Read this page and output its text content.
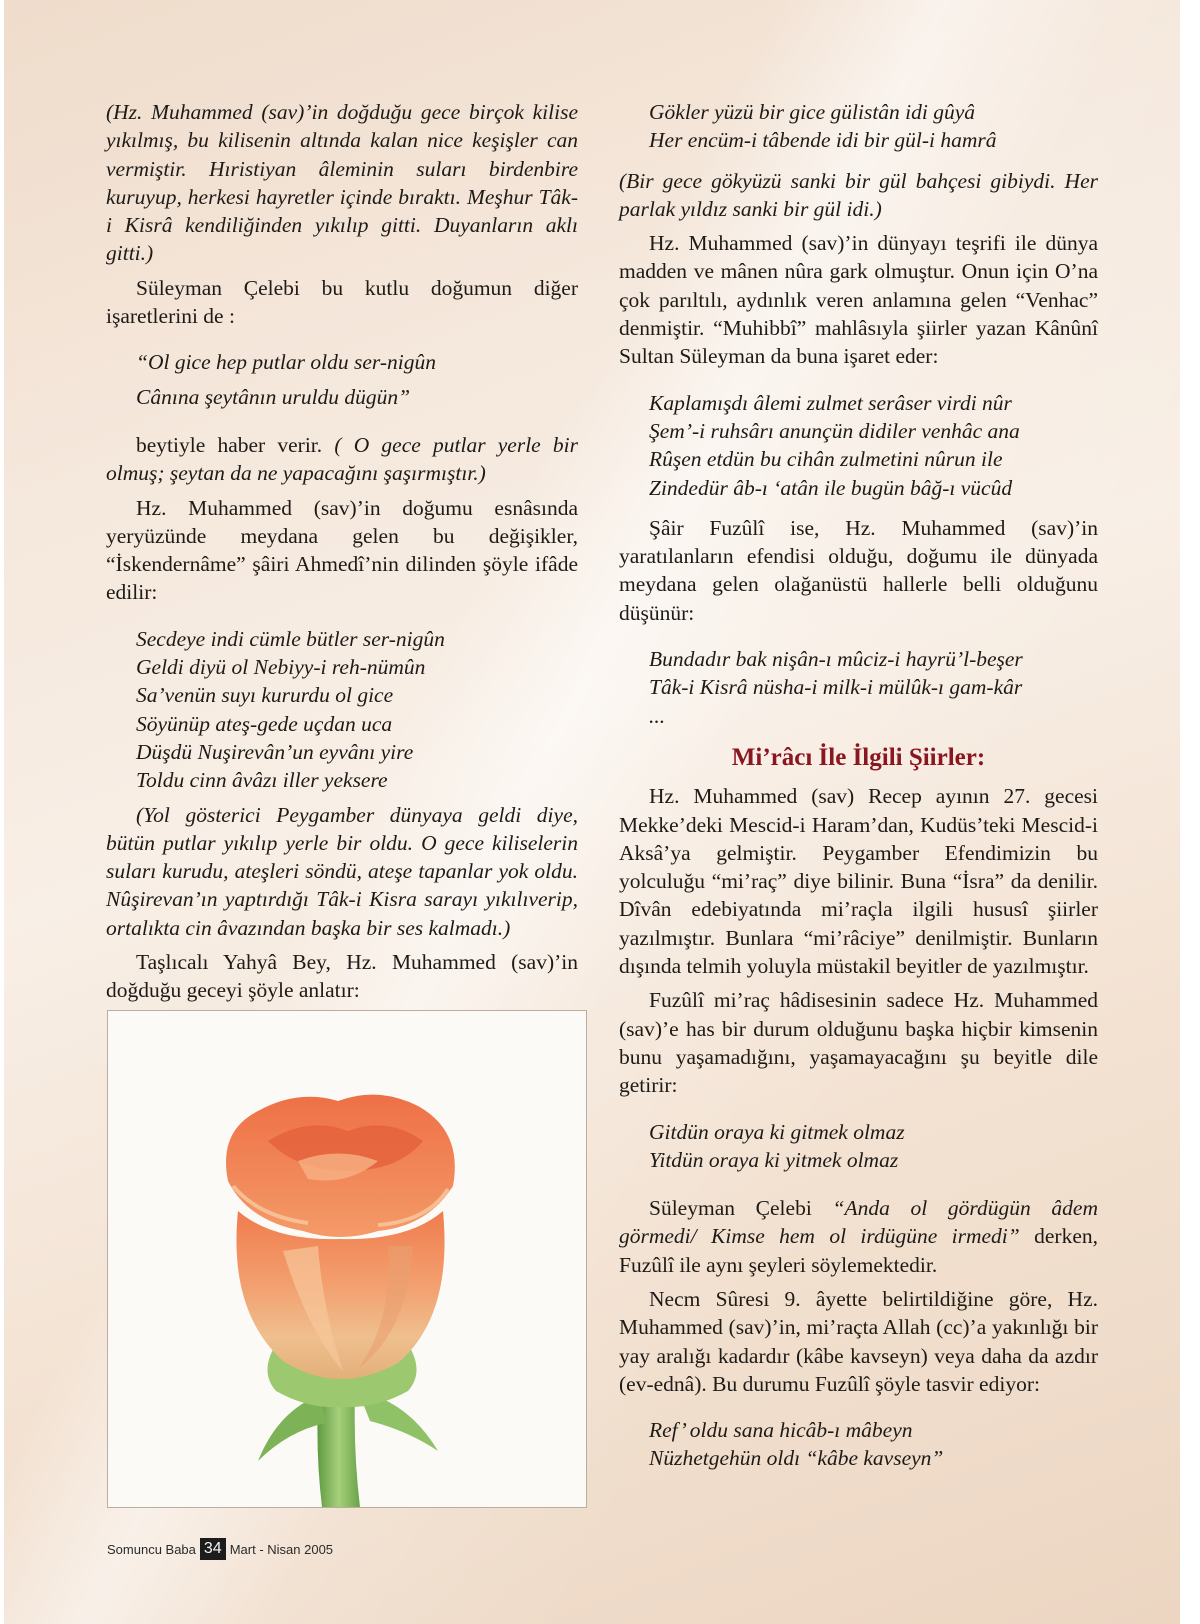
(Hz. Muhammed (sav)’in doğduğu gece birçok kilise yıkılmış, bu kilisenin altında kalan nice keşişler can vermiştir. Hıristiyan âleminin suları birdenbire kuruyup, herkesi hayretler içinde bıraktı. Meşhur Tâk-i Kisrâ kendiliğinden yıkılıp gitti. Duyanların aklı gitti.)

Süleyman Çelebi bu kutlu doğumun diğer işaretlerini de :

“Ol gice hep putlar oldu ser-nigûn
Cânına şeytânın uruldu dügün”

beytiyle haber verir. ( O gece putlar yerle bir olmuş; şeytan da ne yapacağını şaşırmıştır.)

Hz. Muhammed (sav)’in doğumu esnâsında yeryüzünde meydana gelen bu değişikler, “İskendernâme” şâiri Ahmedî’nin dilinden şöyle ifâde edilir:

Secdeye indi cümle bütler ser-nigûn
Geldi diyü ol Nebiyy-i reh-nümûn
Sa’venün suyı kururdu ol gice
Söyünüp ateş-gede uçdan uca
Düşdü Nuşirevân’un eyvânı yire
Toldu cinn âvâzı iller yeksere

(Yol gösterici Peygamber dünyaya geldi diye, bütün putlar yıkılıp yerle bir oldu. O gece kiliselerin suları kurudu, ateşleri söndü, ateşe tapanlar yok oldu. Nûşirevan’ın yaptırdığı Tâk-i Kisra sarayı yıkılıverip, ortalıkta cin âvazından başka bir ses kalmadı.)

Taşlıcalı Yahyâ Bey, Hz. Muhammed (sav)’in doğduğu geceyi şöyle anlatır:

Gökler yüzü bir gice gülistân idi gûyâ
Her encüm-i tâbende idi bir gül-i hamrâ

(Bir gece gökyüzü sanki bir gül bahçesi gibiydi. Her parlak yıldız sanki bir gül idi.)

Hz. Muhammed (sav)’in dünyayı teşrifi ile dünya madden ve mânen nûra gark olmuştur. Onun için O’na çok parıltılı, aydınlık veren anlamına gelen “Venhac” denmiştir. “Muhibbî” mahlâsıyla şiirler yazan Kânûnî Sultan Süleyman da buna işaret eder:

Kaplamışdı âlemi zulmet serâser virdi nûr
Şem’-i ruhsârı anunçün didiler venhâc ana
Rûşen etdün bu cihân zulmetini nûrun ile
Zindedür âb-ı ‘atân ile bugün bâğ-ı vücûd

Şâir Fuzûlî ise, Hz. Muhammed (sav)’in yaratılanların efendisi olduğu, doğumu ile dünyada meydana gelen olağanüstü hallerle belli olduğunu düşünür:

Bundadır bak nişân-ı mûciz-i hayrü’l-beşer
Tâk-i Kisrâ nüsha-i milk-i mülûk-ı gam-kâr
...
Mi’râcı İle İlgili Şiirler:

Hz. Muhammed (sav) Recep ayının 27. gecesi Mekke’deki Mescid-i Haram’dan, Kudüs’teki Mescid-i Aksâ’ya gelmiştir. Peygamber Efendimizin bu yolculuğu “mi’raç” diye bilinir. Buna “İsra” da denilir. Dîvân edebiyatında mi’raçla ilgili hususî şiirler yazılmıştır. Bunlara “mi’râciye” denilmiştir. Bunların dışında telmih yoluyla müstakil beyitler de yazılmıştır.

Fuzûlî mi’raç hâdisesinin sadece Hz. Muhammed (sav)’e has bir durum olduğunu başka hiçbir kimsenin bunu yaşamadığını, yaşamayacağını şu beyitle dile getirir:

Gitdün oraya ki gitmek olmaz
Yitdün oraya ki yitmek olmaz

Süleyman Çelebi “Anda ol gördügün âdem görmedi/ Kimse hem ol irdügüne irmedi” derken, Fuzûlî ile aynı şeyleri söylemektedir.

Necm Sûresi 9. âyette belirtildiğine göre, Hz. Muhammed (sav)’in, mi’raçta Allah (cc)’a yakınlığı bir yay aralığı kadardır (kâbe kavseyn) veya daha da azdır (ev-ednâ). Bu durumu Fuzûlî şöyle tasvir ediyor:

Ref’ oldu sana hicâb-ı mâbeyn
Nüzhetgehün oldı “kâbe kavseyn”
Somuncu Baba 34 Mart - Nisan 2005
